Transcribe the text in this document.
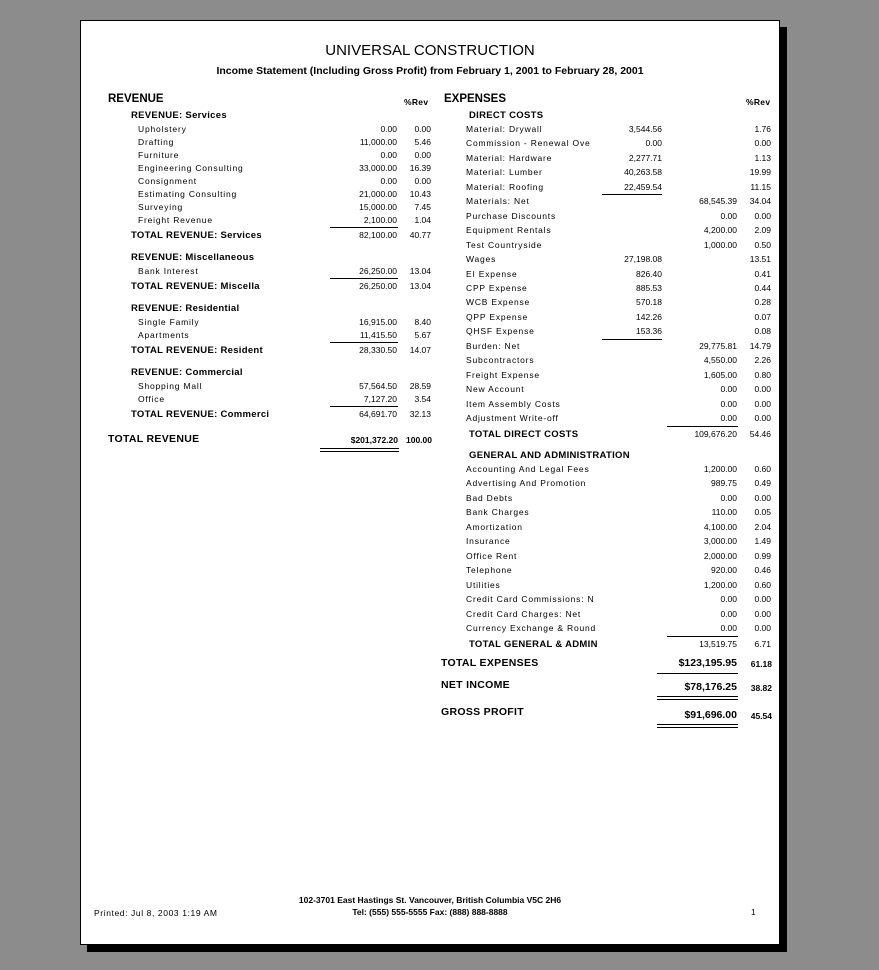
UNIVERSAL CONSTRUCTION
Income Statement (Including Gross Profit) from February 1, 2001 to February 28, 2001
REVENUE	%Rev EXPENSES	%Rev
102-3701 East Hastings St. Vancouver, British Columbia V5C 2H6
Tel: (555) 555-5555 Fax: (888) 888-8888
Printed: Jul 8, 2003 1:19 AM	1
REVENUE: Services
Upholstery	0.00	0.00
Drafting	11,000.00	5.46
Furniture	0.00	0.00
Engineering Consulting	33,000.00	16.39
Consignment	0.00	0.00
Estimating Consulting	21,000.00	10.43
Surveying	15,000.00	7.45
Freight Revenue	2,100.00	1.04
TOTAL REVENUE: Services	82,100.00	40.77
REVENUE: Miscellaneous
Bank Interest	26,250.00	13.04
TOTAL REVENUE: Miscella	26,250.00	13.04
REVENUE: Residential
Single Family	16,915.00	8.40
Apartments	11,415.50	5.67
TOTAL REVENUE: Resident	28,330.50	14.07
REVENUE: Commercial
Shopping Mall	57,564.50	28.59
Office	7,127.20	3.54
TOTAL REVENUE: Commerci	64,691.70	32.13
TOTAL REVENUE	$201,372.20 100.00
DIRECT COSTS
Material: Drywall	3,544.56	1.76
Commission - Renewal Ove	0.00	0.00
Material: Hardware	2,277.71	1.13
Material: Lumber	40,263.58	19.99
Material: Roofing	22,459.54	11.15
Materials: Net	68,545.39	34.04
Purchase Discounts	0.00	0.00
Equipment Rentals	4,200.00	2.09
Test Countryside	1,000.00	0.50
Wages	27,198.08	13.51
EI Expense	826.40	0.41
CPP Expense	885.53	0.44
WCB Expense	570.18	0.28
QPP Expense	142.26	0.07
QHSF Expense	153.36	0.08
Burden: Net	29,775.81	14.79
Subcontractors	4,550.00	2.26
Freight Expense	1,605.00	0.80
New Account	0.00	0.00
Item Assembly Costs	0.00	0.00
Adjustment Write-off	0.00	0.00
TOTAL DIRECT COSTS	109,676.20	54.46
GENERAL AND ADMINISTRATION
Accounting And Legal Fees	1,200.00	0.60
Advertising And Promotion	989.75	0.49
Bad Debts	0.00	0.00
Bank Charges	110.00	0.05
Amortization	4,100.00	2.04
Insurance	3,000.00	1.49
Office Rent	2,000.00	0.99
Telephone	920.00	0.46
Utilities	1,200.00	0.60
Credit Card Commissions: N	0.00	0.00
Credit Card Charges: Net	0.00	0.00
Currency Exchange & Round	0.00	0.00
TOTAL GENERAL & ADMIN	13,519.75	6.71
TOTAL EXPENSES	$123,195.95	61.18
NET INCOME	$78,176.25	38.82
GROSS PROFIT	$91,696.00	45.54
